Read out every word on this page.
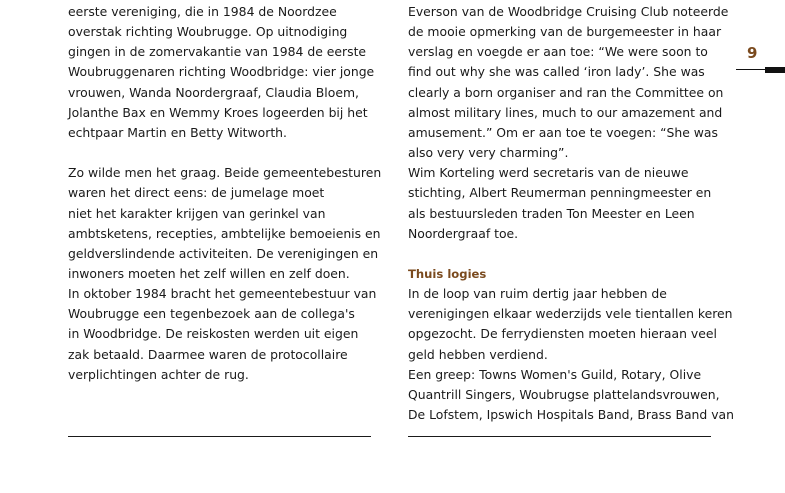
eerste vereniging, die in 1984 de Noordzee
overstak richting Woubrugge. Op uitnodiging
gingen in de zomervakantie van 1984 de eerste
Woubruggenaren richting Woodbridge: vier jonge
vrouwen, Wanda Noordergraaf, Claudia Bloem,
Jolanthe Bax en Wemmy Kroes logeerden bij het
echtpaar Martin en Betty Witworth.
Zo wilde men het graag. Beide gemeentebesturen
waren het direct eens: de jumelage moet
niet het karakter krijgen van gerinkel van
ambtsketens, recepties, ambtelijke bemoeienis en
geldverslindende activiteiten. De verenigingen en
inwoners moeten het zelf willen en zelf doen.
In oktober 1984 bracht het gemeentebestuur van
Woubrugge een tegenbezoek aan de collega's
in Woodbridge. De reiskosten werden uit eigen
zak betaald. Daarmee waren de protocollaire
verplichtingen achter de rug.
Everson van de Woodbridge Cruising Club noteerde
de mooie opmerking van de burgemeester in haar
verslag en voegde er aan toe: “We were soon to
find out why she was called ‘iron lady’. She was
clearly a born organiser and ran the Committee on
almost military lines, much to our amazement and
amusement.” Om er aan toe te voegen: “She was
also very very charming”.
Wim Korteling werd secretaris van de nieuwe
stichting, Albert Reumerman penningmeester en
als bestuursleden traden Ton Meester en Leen
Noordergraaf toe.
Thuis logies
In de loop van ruim dertig jaar hebben de
verenigingen elkaar wederzijds vele tientallen keren
opgezocht. De ferrydiensten moeten hieraan veel
geld hebben verdiend.
Een greep: Towns Women's Guild, Rotary, Olive
Quantrill Singers, Woubrugse plattelandsvrouwen,
De Lofstem, Ipswich Hospitals Band, Brass Band van
9
